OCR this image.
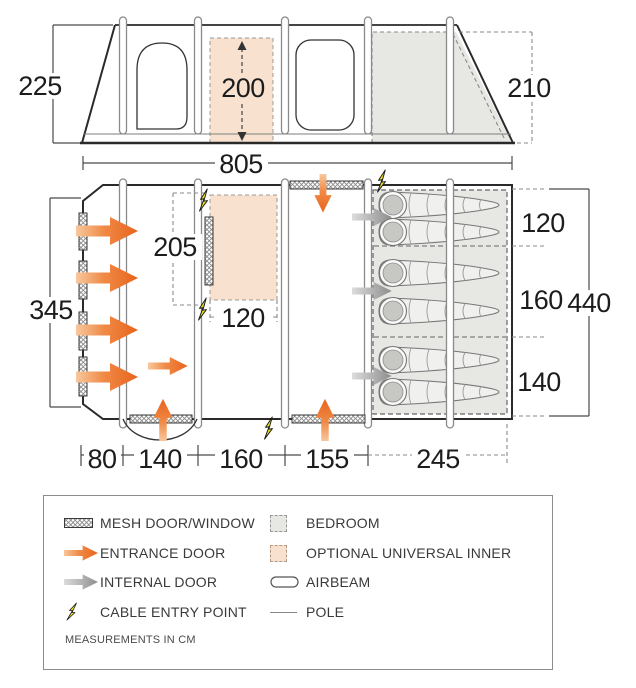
225	200	210
805
345
205
120
120
160
140
440
80 140 160 155 245
MESH DOOR/WINDOW
ENTRANCE DOOR
INTERNAL DOOR
CABLE ENTRY POINT
BEDROOM
OPTIONAL UNIVERSAL INNER
AIRBEAM
POLE
MEASUREMENTS IN CM
